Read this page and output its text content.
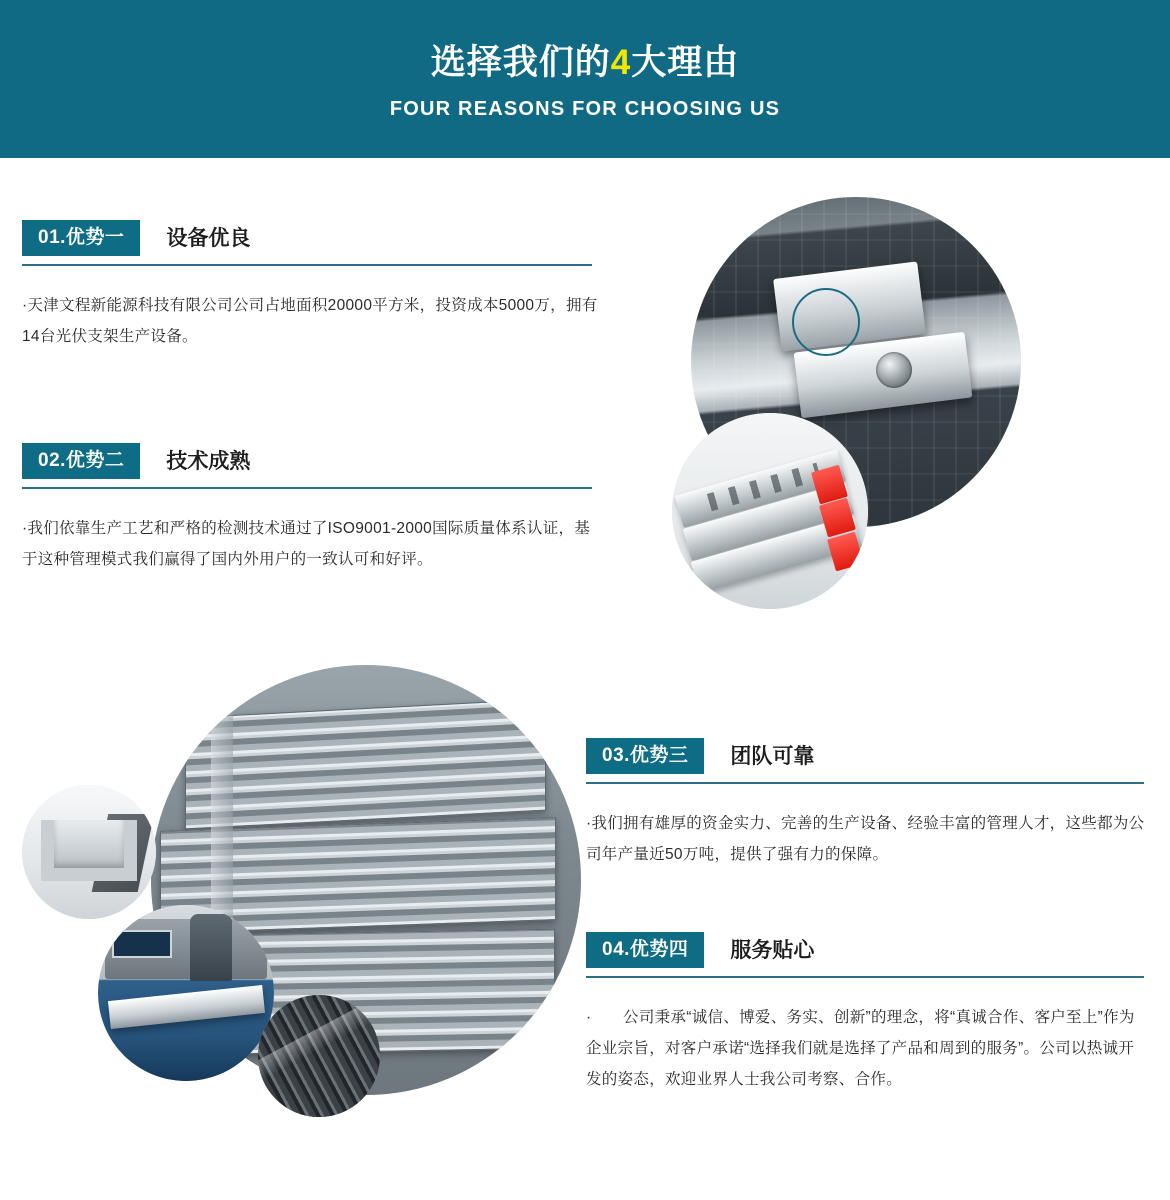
选择我们的4大理由
FOUR REASONS FOR CHOOSING US
01.优势一	设备优良
·天津文程新能源科技有限公司公司占地面积20000平方米，投资成本5000万，拥有14台光伏支架生产设备。
02.优势二	技术成熟
·我们依靠生产工艺和严格的检测技术通过了ISO9001-2000国际质量体系认证，基于这种管理模式我们赢得了国内外用户的一致认可和好评。
03.优势三	团队可靠
·我们拥有雄厚的资金实力、完善的生产设备、经验丰富的管理人才，这些都为公司年产量近50万吨，提供了强有力的保障。
04.优势四	服务贴心
·　　公司秉承“诚信、博爱、务实、创新”的理念，将“真诚合作、客户至上”作为企业宗旨，对客户承诺“选择我们就是选择了产品和周到的服务”。公司以热诚开发的姿态，欢迎业界人士我公司考察、合作。
